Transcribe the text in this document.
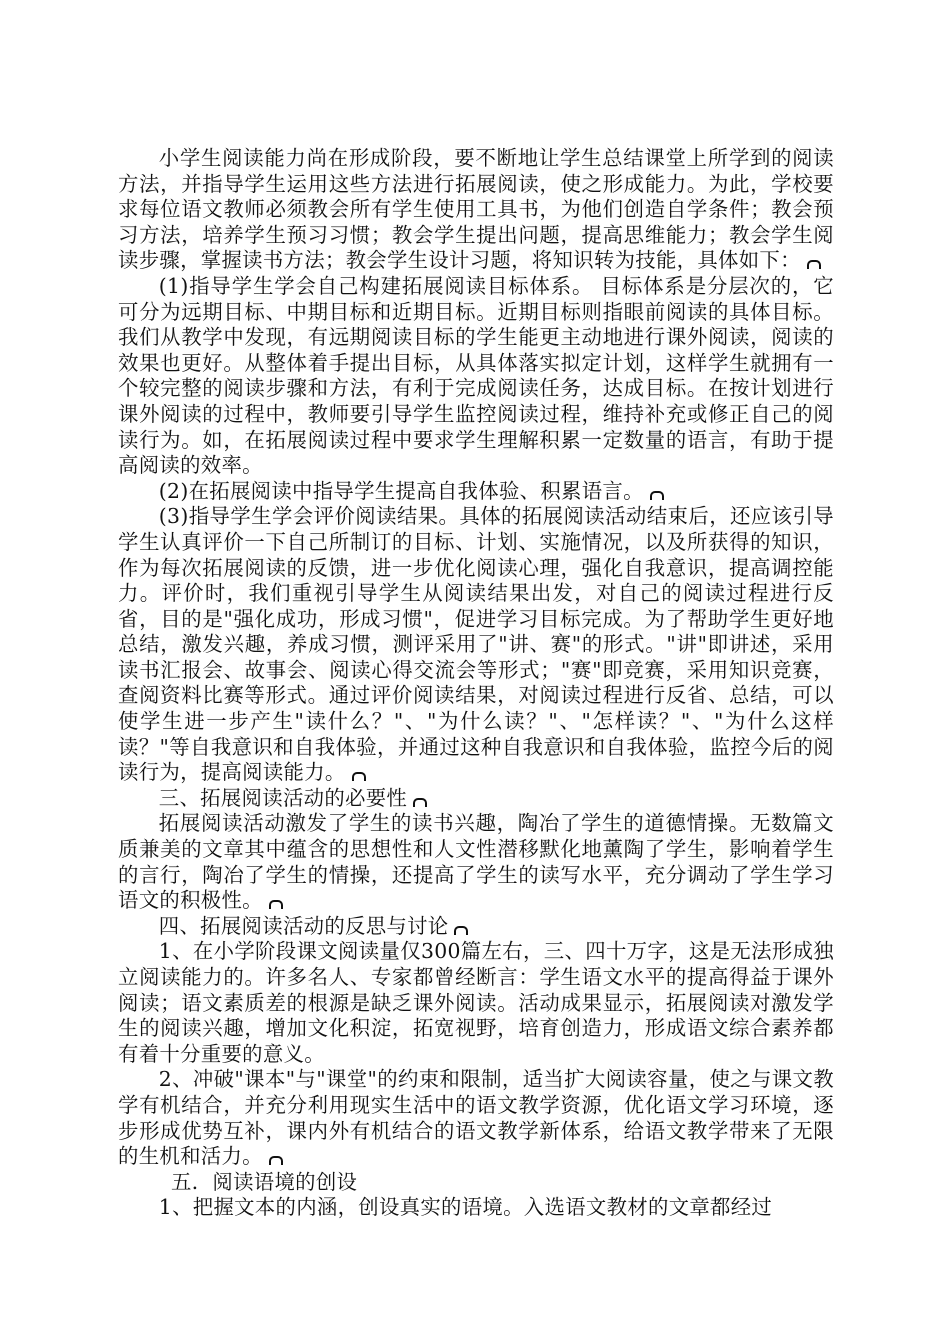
小学生阅读能力尚在形成阶段，要不断地让学生总结课堂上所学到的阅读方法，并指导学生运用这些方法进行拓展阅读，使之形成能力。为此，学校要求每位语文教师必须教会所有学生使用工具书，为他们创造自学条件；教会预习方法，培养学生预习习惯；教会学生提出问题，提高思维能力；教会学生阅读步骤，掌握读书方法；教会学生设计习题，将知识转为技能，具体如下：

(1)指导学生学会自己构建拓展阅读目标体系。 目标体系是分层次的，它可分为远期目标、中期目标和近期目标。近期目标则指眼前阅读的具体目标。我们从教学中发现，有远期阅读目标的学生能更主动地进行课外阅读，阅读的效果也更好。从整体着手提出目标，从具体落实拟定计划，这样学生就拥有一个较完整的阅读步骤和方法，有利于完成阅读任务，达成目标。在按计划进行课外阅读的过程中，教师要引导学生监控阅读过程，维持补充或修正自己的阅读行为。如，在拓展阅读过程中要求学生理解积累一定数量的语言，有助于提高阅读的效率。

(2)在拓展阅读中指导学生提高自我体验、积累语言。

(3)指导学生学会评价阅读结果。具体的拓展阅读活动结束后，还应该引导学生认真评价一下自己所制订的目标、计划、实施情况，以及所获得的知识，作为每次拓展阅读的反馈，进一步优化阅读心理，强化自我意识，提高调控能力。评价时，我们重视引导学生从阅读结果出发，对自己的阅读过程进行反省，目的是"强化成功，形成习惯"，促进学习目标完成。为了帮助学生更好地总结，激发兴趣，养成习惯，测评采用了"讲、赛"的形式。"讲"即讲述，采用读书汇报会、故事会、阅读心得交流会等形式；"赛"即竞赛，采用知识竞赛，查阅资料比赛等形式。通过评价阅读结果，对阅读过程进行反省、总结，可以使学生进一步产生"读什么？"、"为什么读？"、"怎样读？"、"为什么这样读？"等自我意识和自我体验，并通过这种自我意识和自我体验，监控今后的阅读行为，提高阅读能力。

三、拓展阅读活动的必要性

拓展阅读活动激发了学生的读书兴趣，陶冶了学生的道德情操。无数篇文质兼美的文章其中蕴含的思想性和人文性潜移默化地薰陶了学生，影响着学生的言行，陶冶了学生的情操，还提高了学生的读写水平，充分调动了学生学习语文的积极性。

四、拓展阅读活动的反思与讨论

1、在小学阶段课文阅读量仅300篇左右，三、四十万字，这是无法形成独立阅读能力的。许多名人、专家都曾经断言：学生语文水平的提高得益于课外阅读；语文素质差的根源是缺乏课外阅读。活动成果显示，拓展阅读对激发学生的阅读兴趣，增加文化积淀，拓宽视野，培育创造力，形成语文综合素养都有着十分重要的意义。

2、冲破"课本"与"课堂"的约束和限制，适当扩大阅读容量，使之与课文教学有机结合，并充分利用现实生活中的语文教学资源，优化语文学习环境，逐步形成优势互补，课内外有机结合的语文教学新体系，给语文教学带来了无限的生机和活力。

五．阅读语境的创设

1、把握文本的内涵，创设真实的语境。入选语文教材的文章都经过
